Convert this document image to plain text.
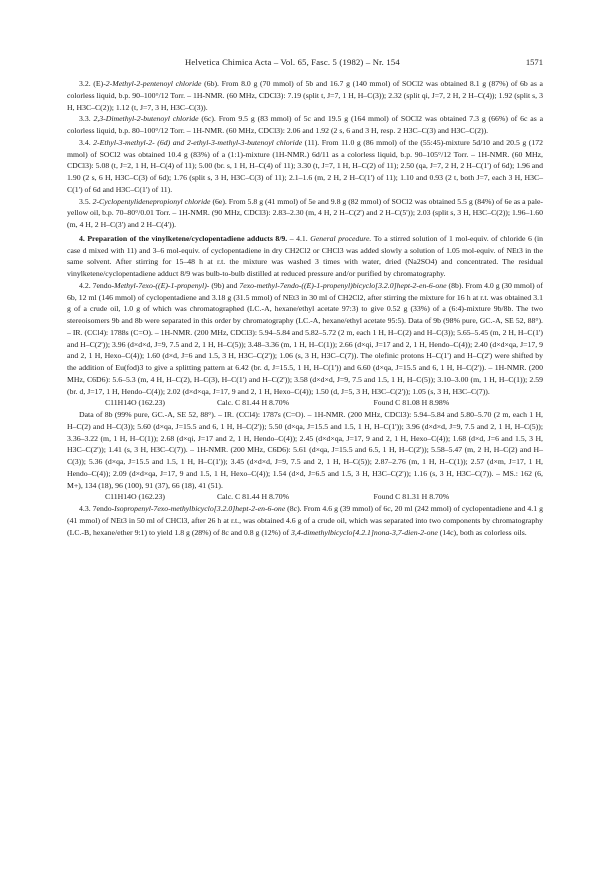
Helvetica Chimica Acta – Vol. 65, Fasc. 5 (1982) – Nr. 154	1571

3.2. (E)-2-Methyl-2-pentenoyl chloride (6b). From 8.0 g (70 mmol) of 5b and 16.7 g (140 mmol) of SOCl2 was obtained 8.1 g (87%) of 6b as a colorless liquid, b.p. 90–100°/12 Torr. – 1H-NMR. (60 MHz, CDCl3): 7.19 (split t, J=7, 1 H, H–C(3)); 2.32 (split qi, J=7, 2 H, 2 H–C(4)); 1.92 (split s, 3 H, H3C–C(2)); 1.12 (t, J=7, 3 H, H3C–C(3)).

3.3. 2,3-Dimethyl-2-butenoyl chloride (6c). From 9.5 g (83 mmol) of 5c and 19.5 g (164 mmol) of SOCl2 was obtained 7.3 g (66%) of 6c as a colorless liquid, b.p. 80–100°/12 Torr. – 1H-NMR. (60 MHz, CDCl3): 2.06 and 1.92 (2 s, 6 and 3 H, resp. 2 H3C–C(3) and H3C–C(2)).

3.4. 2-Ethyl-3-methyl-2- (6d) and 2-ethyl-3-methyl-3-butenoyl chloride (11). From 11.0 g (86 mmol) of the (55:45)-mixture 5d/10 and 20.5 g (172 mmol) of SOCl2 was obtained 10.4 g (83%) of a (1:1)-mixture (1H-NMR.) 6d/11 as a colorless liquid, b.p. 90–105°/12 Torr. – 1H-NMR. (60 MHz, CDCl3): 5.08 (t, J=2, 1 H, H–C(4) of 11); 5.00 (br. s, 1 H, H–C(4) of 11); 3.30 (t, J=7, 1 H, H–C(2) of 11); 2.50 (qa, J=7, 2 H, 2 H–C(1') of 6d); 1.96 and 1.90 (2 s, 6 H, H3C–C(3) of 6d); 1.76 (split s, 3 H, H3C–C(3) of 11); 2.1–1.6 (m, 2 H, 2 H–C(1') of 11); 1.10 and 0.93 (2 t, both J=7, each 3 H, H3C–C(1') of 6d and H3C–C(1') of 11).

3.5. 2-Cyclopentylidenepropionyl chloride (6e). From 5.8 g (41 mmol) of 5e and 9.8 g (82 mmol) of SOCl2 was obtained 5.5 g (84%) of 6e as a pale-yellow oil, b.p. 70–80°/0.01 Torr. – 1H-NMR. (90 MHz, CDCl3): 2.83–2.30 (m, 4 H, 2 H–C(2') and 2 H–C(5')); 2.03 (split s, 3 H, H3C–C(2)); 1.96–1.60 (m, 4 H, 2 H–C(3') and 2 H–C(4')).

4. Preparation of the vinylketene/cyclopentadiene adducts 8/9. – 4.1. General procedure. To a stirred solution of 1 mol-equiv. of chloride 6 (in case d mixed with 11) and 3–6 mol-equiv. of cyclopentadiene in dry CH2Cl2 or CHCl3 was added slowly a solution of 1.05 mol-equiv. of NEt3 in the same solvent. After stirring for 15–48 h at r.t. the mixture was washed 3 times with water, dried (Na2SO4) and concentrated. The residual vinylketene/cyclopentadiene adduct 8/9 was bulb-to-bulb distilled at reduced pressure and/or purified by chromatography.

4.2. 7endo-Methyl-7exo-((E)-1-propenyl)- (9b) and 7exo-methyl-7endo-((E)-1-propenyl)bicyclo[3.2.0]hept-2-en-6-one (8b). From 4.0 g (30 mmol) of 6b, 12 ml (146 mmol) of cyclopentadiene and 3.18 g (31.5 mmol) of NEt3 in 30 ml of CH2Cl2, after stirring the mixture for 16 h at r.t. was obtained 3.1 g of a crude oil, 1.0 g of which was chromatographed (LC.-A, hexane/ethyl acetate 97:3) to give 0.52 g (33%) of a (6:4)-mixture 9b/8b. The two stereoisomers 9b and 8b were separated in this order by chromatography (LC.-A, hexane/ethyl acetate 95:5). Data of 9b (98% pure, GC.-A, SE 52, 88°). – IR. (CCl4): 1788s (C=O). – 1H-NMR. (200 MHz, CDCl3): 5.94–5.84 and 5.82–5.72 (2 m, each 1 H, H–C(2) and H–C(3)); 5.65–5.45 (m, 2 H, H–C(1') and H–C(2')); 3.96 (d×d×d, J=9, 7.5 and 2, 1 H, H–C(5)); 3.48–3.36 (m, 1 H, H–C(1)); 2.66 (d×qi, J=17 and 2, 1 H, Hendo–C(4)); 2.40 (d×d×qa, J=17, 9 and 2, 1 H, Hexo–C(4)); 1.60 (d×d, J=6 and 1.5, 3 H, H3C–C(2')); 1.06 (s, 3 H, H3C–C(7)). The olefinic protons H–C(1') and H–C(2') were shifted by the addition of Eu(fod)3 to give a splitting pattern at 6.42 (br. d, J=15.5, 1 H, H–C(1')) and 6.60 (d×qa, J=15.5 and 6, 1 H, H–C(2')). – 1H-NMR. (200 MHz, C6D6): 5.6–5.3 (m, 4 H, H–C(2), H–C(3), H–C(1') and H–C(2')); 3.58 (d×d×d, J=9, 7.5 and 1.5, 1 H, H–C(5)); 3.10–3.00 (m, 1 H, H–C(1)); 2.59 (br. d, J=17, 1 H, Hendo–C(4)); 2.02 (d×d×qa, J=17, 9 and 2, 1 H, Hexo–C(4)); 1.50 (d, J=5, 3 H, H3C–C(2')); 1.05 (s, 3 H, H3C–C(7)).

C11H14O (162.23)	Calc. C 81.44 H 8.70%	Found C 81.08 H 8.98%

Data of 8b (99% pure, GC.-A, SE 52, 88°). – IR. (CCl4): 1787s (C=O). – 1H-NMR. (200 MHz, CDCl3): 5.94–5.84 and 5.80–5.70 (2 m, each 1 H, H–C(2) and H–C(3)); 5.60 (d×qa, J=15.5 and 6, 1 H, H–C(2')); 5.50 (d×qa, J=15.5 and 1.5, 1 H, H–C(1')); 3.96 (d×d×d, J=9, 7.5 and 2, 1 H, H–C(5)); 3.36–3.22 (m, 1 H, H–C(1)); 2.68 (d×qi, J=17 and 2, 1 H, Hendo–C(4)); 2.45 (d×d×qa, J=17, 9 and 2, 1 H, Hexo–C(4)); 1.68 (d×d, J=6 and 1.5, 3 H, H3C–C(2')); 1.41 (s, 3 H, H3C–C(7)). – 1H-NMR. (200 MHz, C6D6): 5.61 (d×qa, J=15.5 and 6.5, 1 H, H–C(2')); 5.58–5.47 (m, 2 H, H–C(2) and H–C(3)); 5.36 (d×qa, J=15.5 and 1.5, 1 H, H–C(1')); 3.45 (d×d×d, J=9, 7.5 and 2, 1 H, H–C(5)); 2.87–2.76 (m, 1 H, H–C(1)); 2.57 (d×m, J=17, 1 H, Hendo–C(4)); 2.09 (d×d×qa, J=17, 9 and 1.5, 1 H, Hexo–C(4)); 1.54 (d×d, J=6.5 and 1.5, 3 H, H3C–C(2')); 1.16 (s, 3 H, H3C–C(7)). – MS.: 162 (6, M+), 134 (18), 96 (100), 91 (37), 66 (18), 41 (51).

C11H14O (162.23)	Calc. C 81.44 H 8.70%	Found C 81.31 H 8.70%

4.3. 7endo-Isopropenyl-7exo-methylbicyclo[3.2.0]hept-2-en-6-one (8c). From 4.6 g (39 mmol) of 6c, 20 ml (242 mmol) of cyclopentadiene and 4.1 g (41 mmol) of NEt3 in 50 ml of CHCl3, after 26 h at r.t., was obtained 4.6 g of a crude oil, which was separated into two components by chromatography (LC.-B, hexane/ether 9:1) to yield 1.8 g (28%) of 8c and 0.8 g (12%) of 3,4-dimethylbicyclo[4.2.1]nona-3,7-dien-2-one (14c), both as colorless oils.
